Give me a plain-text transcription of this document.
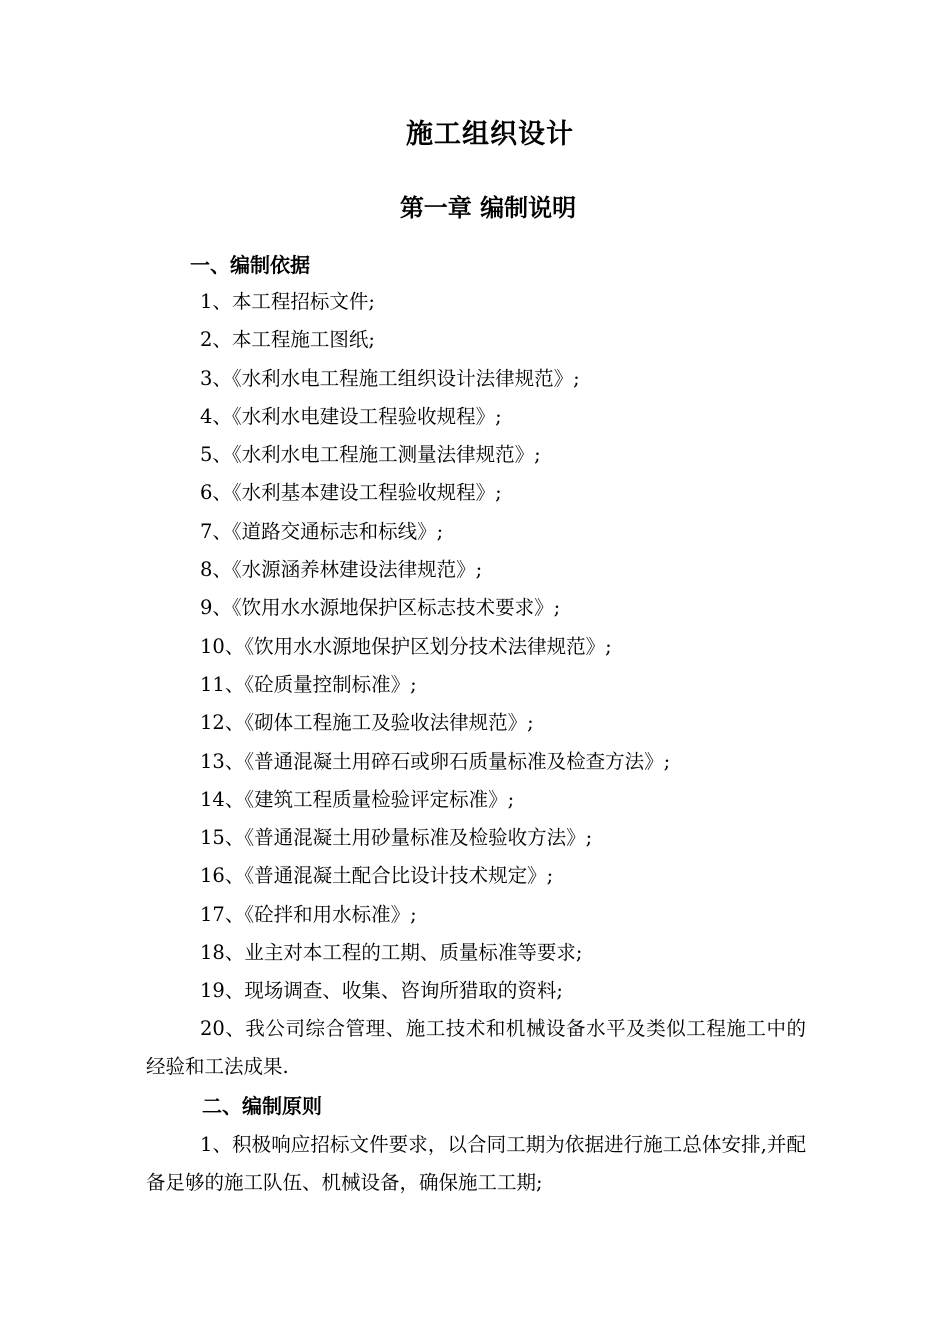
施工组织设计
第一章 编制说明
一、编制依据
1、本工程招标文件;
2、本工程施工图纸;
3、《水利水电工程施工组织设计法律规范》;
4、《水利水电建设工程验收规程》;
5、《水利水电工程施工测量法律规范》;
6、《水利基本建设工程验收规程》;
7、《道路交通标志和标线》;
8、《水源涵养林建设法律规范》;
9、《饮用水水源地保护区标志技术要求》;
10、《饮用水水源地保护区划分技术法律规范》;
11、《砼质量控制标准》;
12、《砌体工程施工及验收法律规范》;
13、《普通混凝土用碎石或卵石质量标准及检查方法》;
14、《建筑工程质量检验评定标准》;
15、《普通混凝土用砂量标准及检验收方法》;
16、《普通混凝土配合比设计技术规定》;
17、《砼拌和用水标准》;
18、业主对本工程的工期、质量标准等要求;
19、现场调查、收集、咨询所猎取的资料;
20、我公司综合管理、施工技术和机械设备水平及类似工程施工中的经验和工法成果.
二、编制原则
1、积极响应招标文件要求，以合同工期为依据进行施工总体安排,并配备足够的施工队伍、机械设备，确保施工工期;
